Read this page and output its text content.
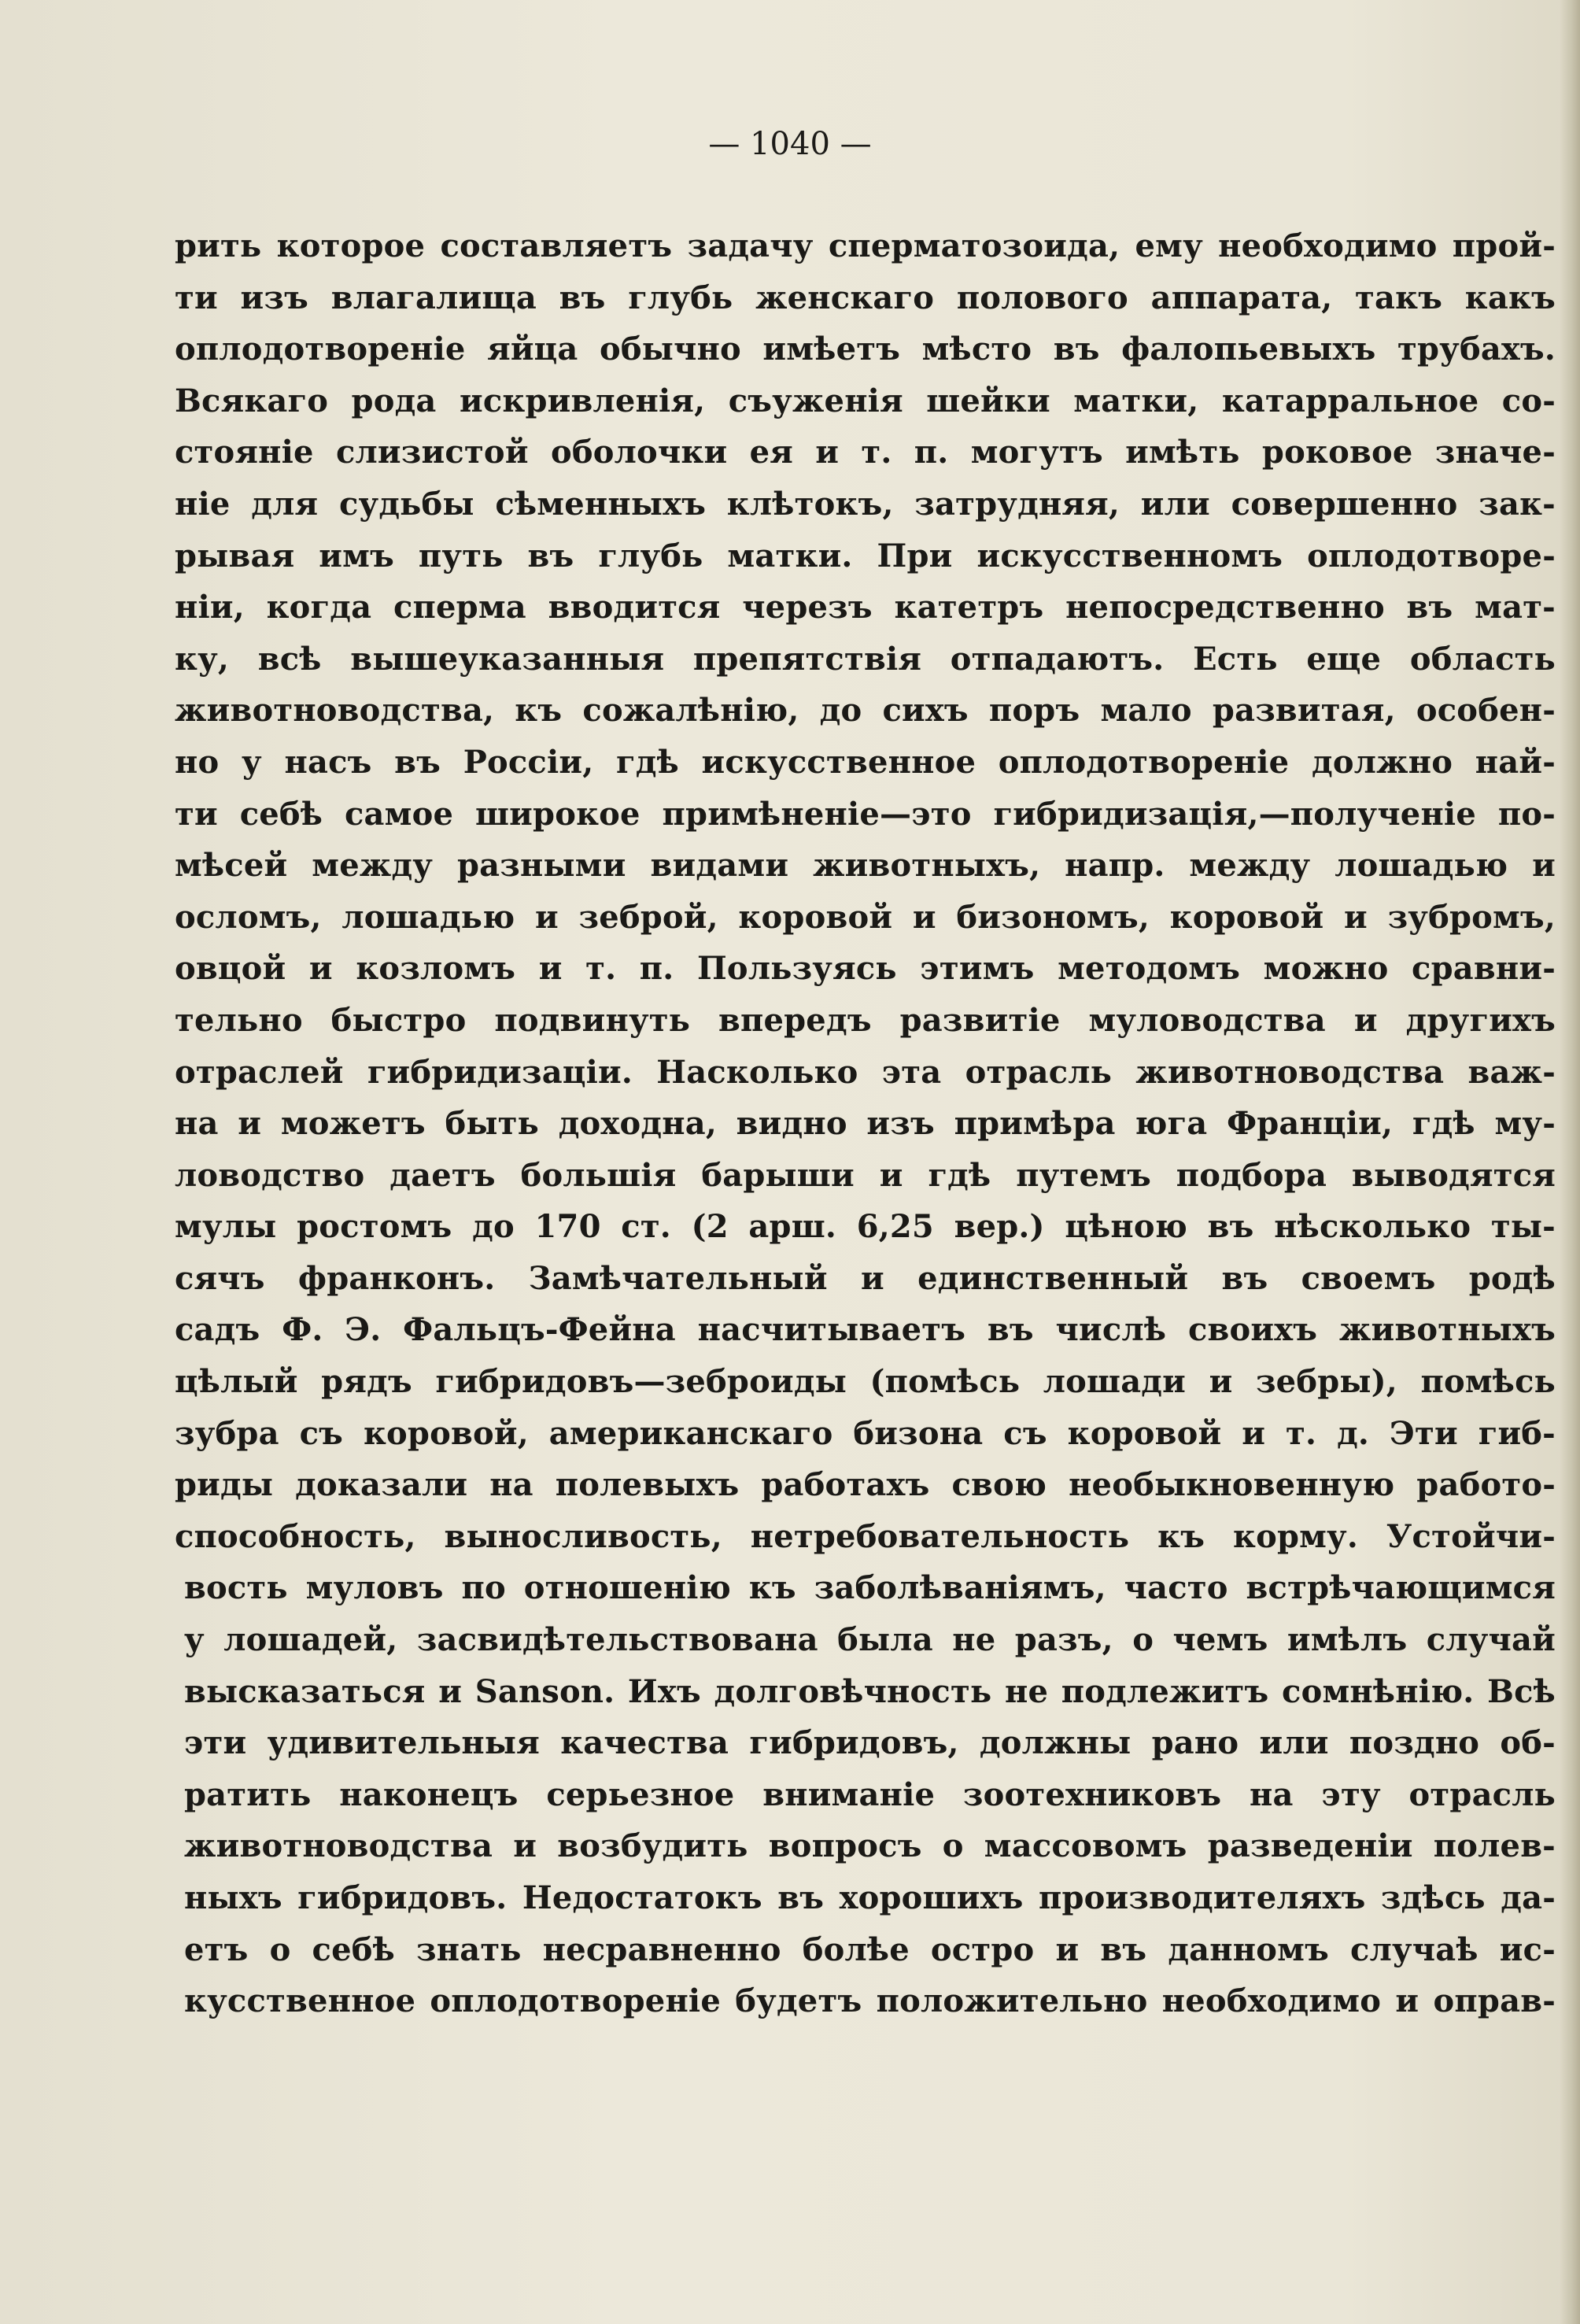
— 1040 —
рить которое составляетъ задачу сперматозоида, ему необходимо прой-
ти изъ влагалища въ глубь женскаго полового аппарата, такъ какъ
оплодотвореніе яйца обычно имѣетъ мѣсто въ фалопьевыхъ трубахъ.
Всякаго рода искривленія, съуженія шейки матки, катарральное со-
стояніе слизистой оболочки ея и т. п. могутъ имѣть роковое значе-
ніе для судьбы сѣменныхъ клѣтокъ, затрудняя, или совершенно зак-
рывая имъ путь въ глубь матки. При искусственномъ оплодотворе-
ніи, когда сперма вводится черезъ катетръ непосредственно въ мат-
ку, всѣ вышеуказанныя препятствія отпадаютъ. Есть еще область
животноводства, къ сожалѣнію, до сихъ поръ мало развитая, особен-
но у насъ въ Россіи, гдѣ искусственное оплодотвореніе должно най-
ти себѣ самое широкое примѣненіе—это гибридизація,—полученіе по-
мѣсей между разными видами животныхъ, напр. между лошадью и
осломъ, лошадью и зеброй, коровой и бизономъ, коровой и зубромъ,
овцой и козломъ и т. п. Пользуясь этимъ методомъ можно сравни-
тельно быстро подвинуть впередъ развитіе муловодства и другихъ
отраслей гибридизаціи. Насколько эта отрасль животноводства важ-
на и можетъ быть доходна, видно изъ примѣра юга Франціи, гдѣ му-
ловодство даетъ большія барыши и гдѣ путемъ подбора выводятся
мулы ростомъ до 170 ст. (2 арш. 6,25 вер.) цѣною въ нѣсколько ты-
сячъ франконъ. Замѣчательный и единственный въ своемъ родѣ
садъ Ф. Э. Фальцъ-Фейна насчитываетъ въ числѣ своихъ животныхъ
цѣлый рядъ гибридовъ—зеброиды (помѣсь лошади и зебры), помѣсь
зубра съ коровой, американскаго бизона съ коровой и т. д. Эти гиб-
риды доказали на полевыхъ работахъ свою необыкновенную работо-
способность, выносливость, нетребовательность къ корму. Устойчи-
вость муловъ по отношенію къ заболѣваніямъ, часто встрѣчающимся
у лошадей, засвидѣтельствована была не разъ, о чемъ имѣлъ случай
высказаться и Sanson. Ихъ долговѣчность не подлежитъ сомнѣнію. Всѣ
эти удивительныя качества гибридовъ, должны рано или поздно об-
ратить наконецъ серьезное вниманіе зоотехниковъ на эту отрасль
животноводства и возбудить вопросъ о массовомъ разведеніи полев-
ныхъ гибридовъ. Недостатокъ въ хорошихъ производителяхъ здѣсь да-
етъ о себѣ знать несравненно болѣе остро и въ данномъ случаѣ ис-
кусственное оплодотвореніе будетъ положительно необходимо и оправ-
